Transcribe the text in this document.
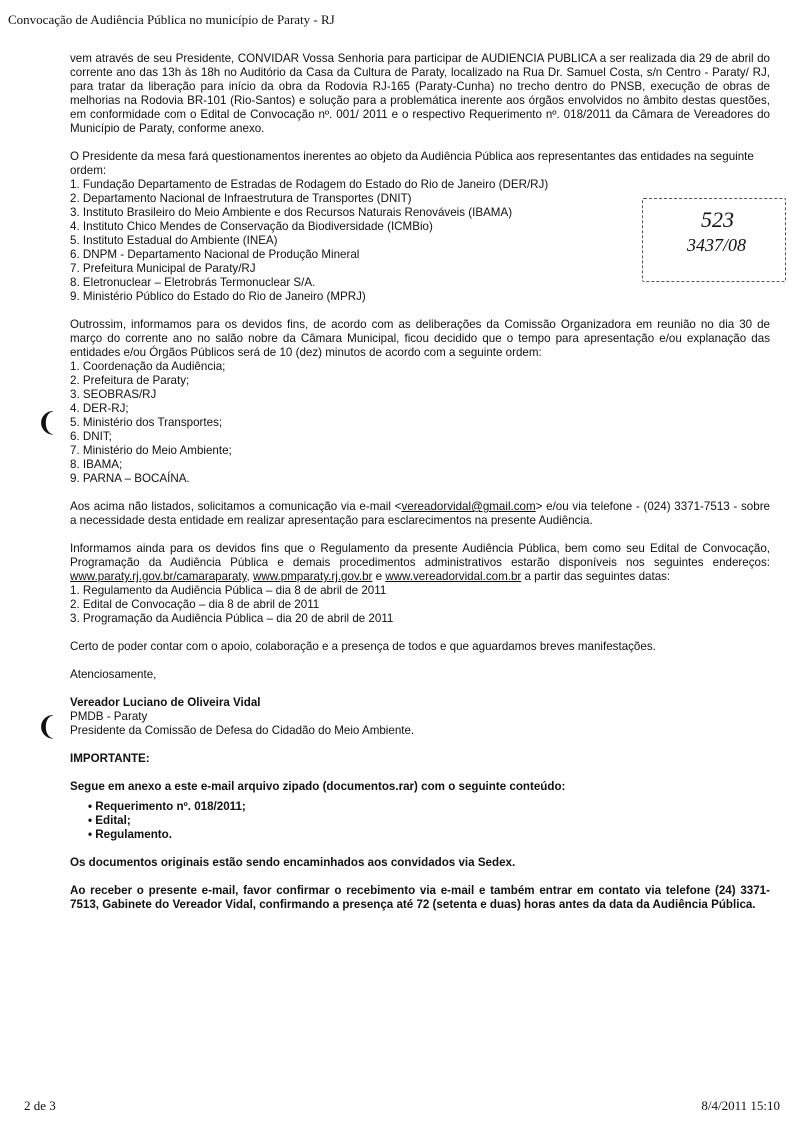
Convocação de Audiência Pública no município de Paraty - RJ
523
3437/08
❨
❨

vem através de seu Presidente, CONVIDAR Vossa Senhoria para participar de AUDIENCIA PUBLICA a ser realizada dia 29 de abril do corrente ano das 13h às 18h no Auditório da Casa da Cultura de Paraty, localizado na Rua Dr. Samuel Costa, s/n Centro - Paraty/ RJ, para tratar da liberação para início da obra da Rodovia RJ-165 (Paraty-Cunha) no trecho dentro do PNSB, execução de obras de melhorias na Rodovia BR-101 (Rio-Santos) e solução para a problemática inerente aos órgãos envolvidos no âmbito destas questões, em conformidade com o Edital de Convocação nº. 001/ 2011 e o respectivo Requerimento nº. 018/2011 da Câmara de Vereadores do Município de Paraty, conforme anexo.

O Presidente da mesa fará questionamentos inerentes ao objeto da Audiência Pública aos representantes das entidades na seguinte ordem:

1 . Fundação Departamento de Estradas de Rodagem do Estado do Rio de Janeiro (DER/RJ)
2 . Departamento Nacional de Infraestrutura de Transportes (DNIT)
3 . Instituto Brasileiro do Meio Ambiente e dos Recursos Naturais Renováveis (IBAMA)
4 . Instituto Chico Mendes de Conservação da Biodiversidade (ICMBio)
5 . Instituto Estadual do Ambiente (INEA)
6 . DNPM - Departamento Nacional de Produção Mineral
7 . Prefeitura Municipal de Paraty/RJ
8 . Eletronuclear – Eletrobrás Termonuclear S/A.
9 . Ministério Público do Estado do Rio de Janeiro (MPRJ)

Outrossim, informamos para os devidos fins, de acordo com as deliberações da Comissão Organizadora em reunião no dia 30 de março do corrente ano no salão nobre da Câmara Municipal, ficou decidido que o tempo para apresentação e/ou explanação das entidades e/ou Órgãos Públicos será de 10 (dez) minutos de acordo com a seguinte ordem:

1 . Coordenação da Audiência;
2 . Prefeitura de Paraty;
3 . SEOBRAS/RJ
4 . DER-RJ;
5 . Ministério dos Transportes;
6 . DNIT;
7 . Ministério do Meio Ambiente;
8 . IBAMA;
9 . PARNA – BOCAÍNA.

Aos acima não listados, solicitamos a comunicação via e-mail <vereadorvidal@gmail.com> e/ou via telefone - (024) 3371-7513 - sobre a necessidade desta entidade em realizar apresentação para esclarecimentos na presente Audiência.

Informamos ainda para os devidos fins que o Regulamento da presente Audiência Pública, bem como seu Edital de Convocação, Programação da Audiência Pública e demais procedimentos administrativos estarão disponíveis nos seguintes endereços: www.paraty.rj.gov.br/camaraparaty, www.pmparaty.rj.gov.br e www.vereadorvidal.com.br a partir das seguintes datas:

1 . Regulamento da Audiência Pública – dia 8 de abril de 2011
2 . Edital de Convocação – dia 8 de abril de 2011
3 . Programação da Audiência Pública – dia 20 de abril de 2011

Certo de poder contar com o apoio, colaboração e a presença de todos e que aguardamos breves manifestações.

Atenciosamente,

Vereador Luciano de Oliveira Vidal

PMDB - Paraty

Presidente da Comissão de Defesa do Cidadão do Meio Ambiente.

IMPORTANTE:

Segue em anexo a este e-mail arquivo zipado (documentos.rar) com o seguinte conteúdo:

• Requerimento nº. 018/2011;
• Edital;
• Regulamento.

Os documentos originais estão sendo encaminhados aos convidados via Sedex.

Ao receber o presente e-mail, favor confirmar o recebimento via e-mail e também entrar em contato via telefone (24) 3371-7513, Gabinete do Vereador Vidal, confirmando a presença até 72 (setenta e duas) horas antes da data da Audiência Pública.

2 de 3	8/4/2011 15:10
